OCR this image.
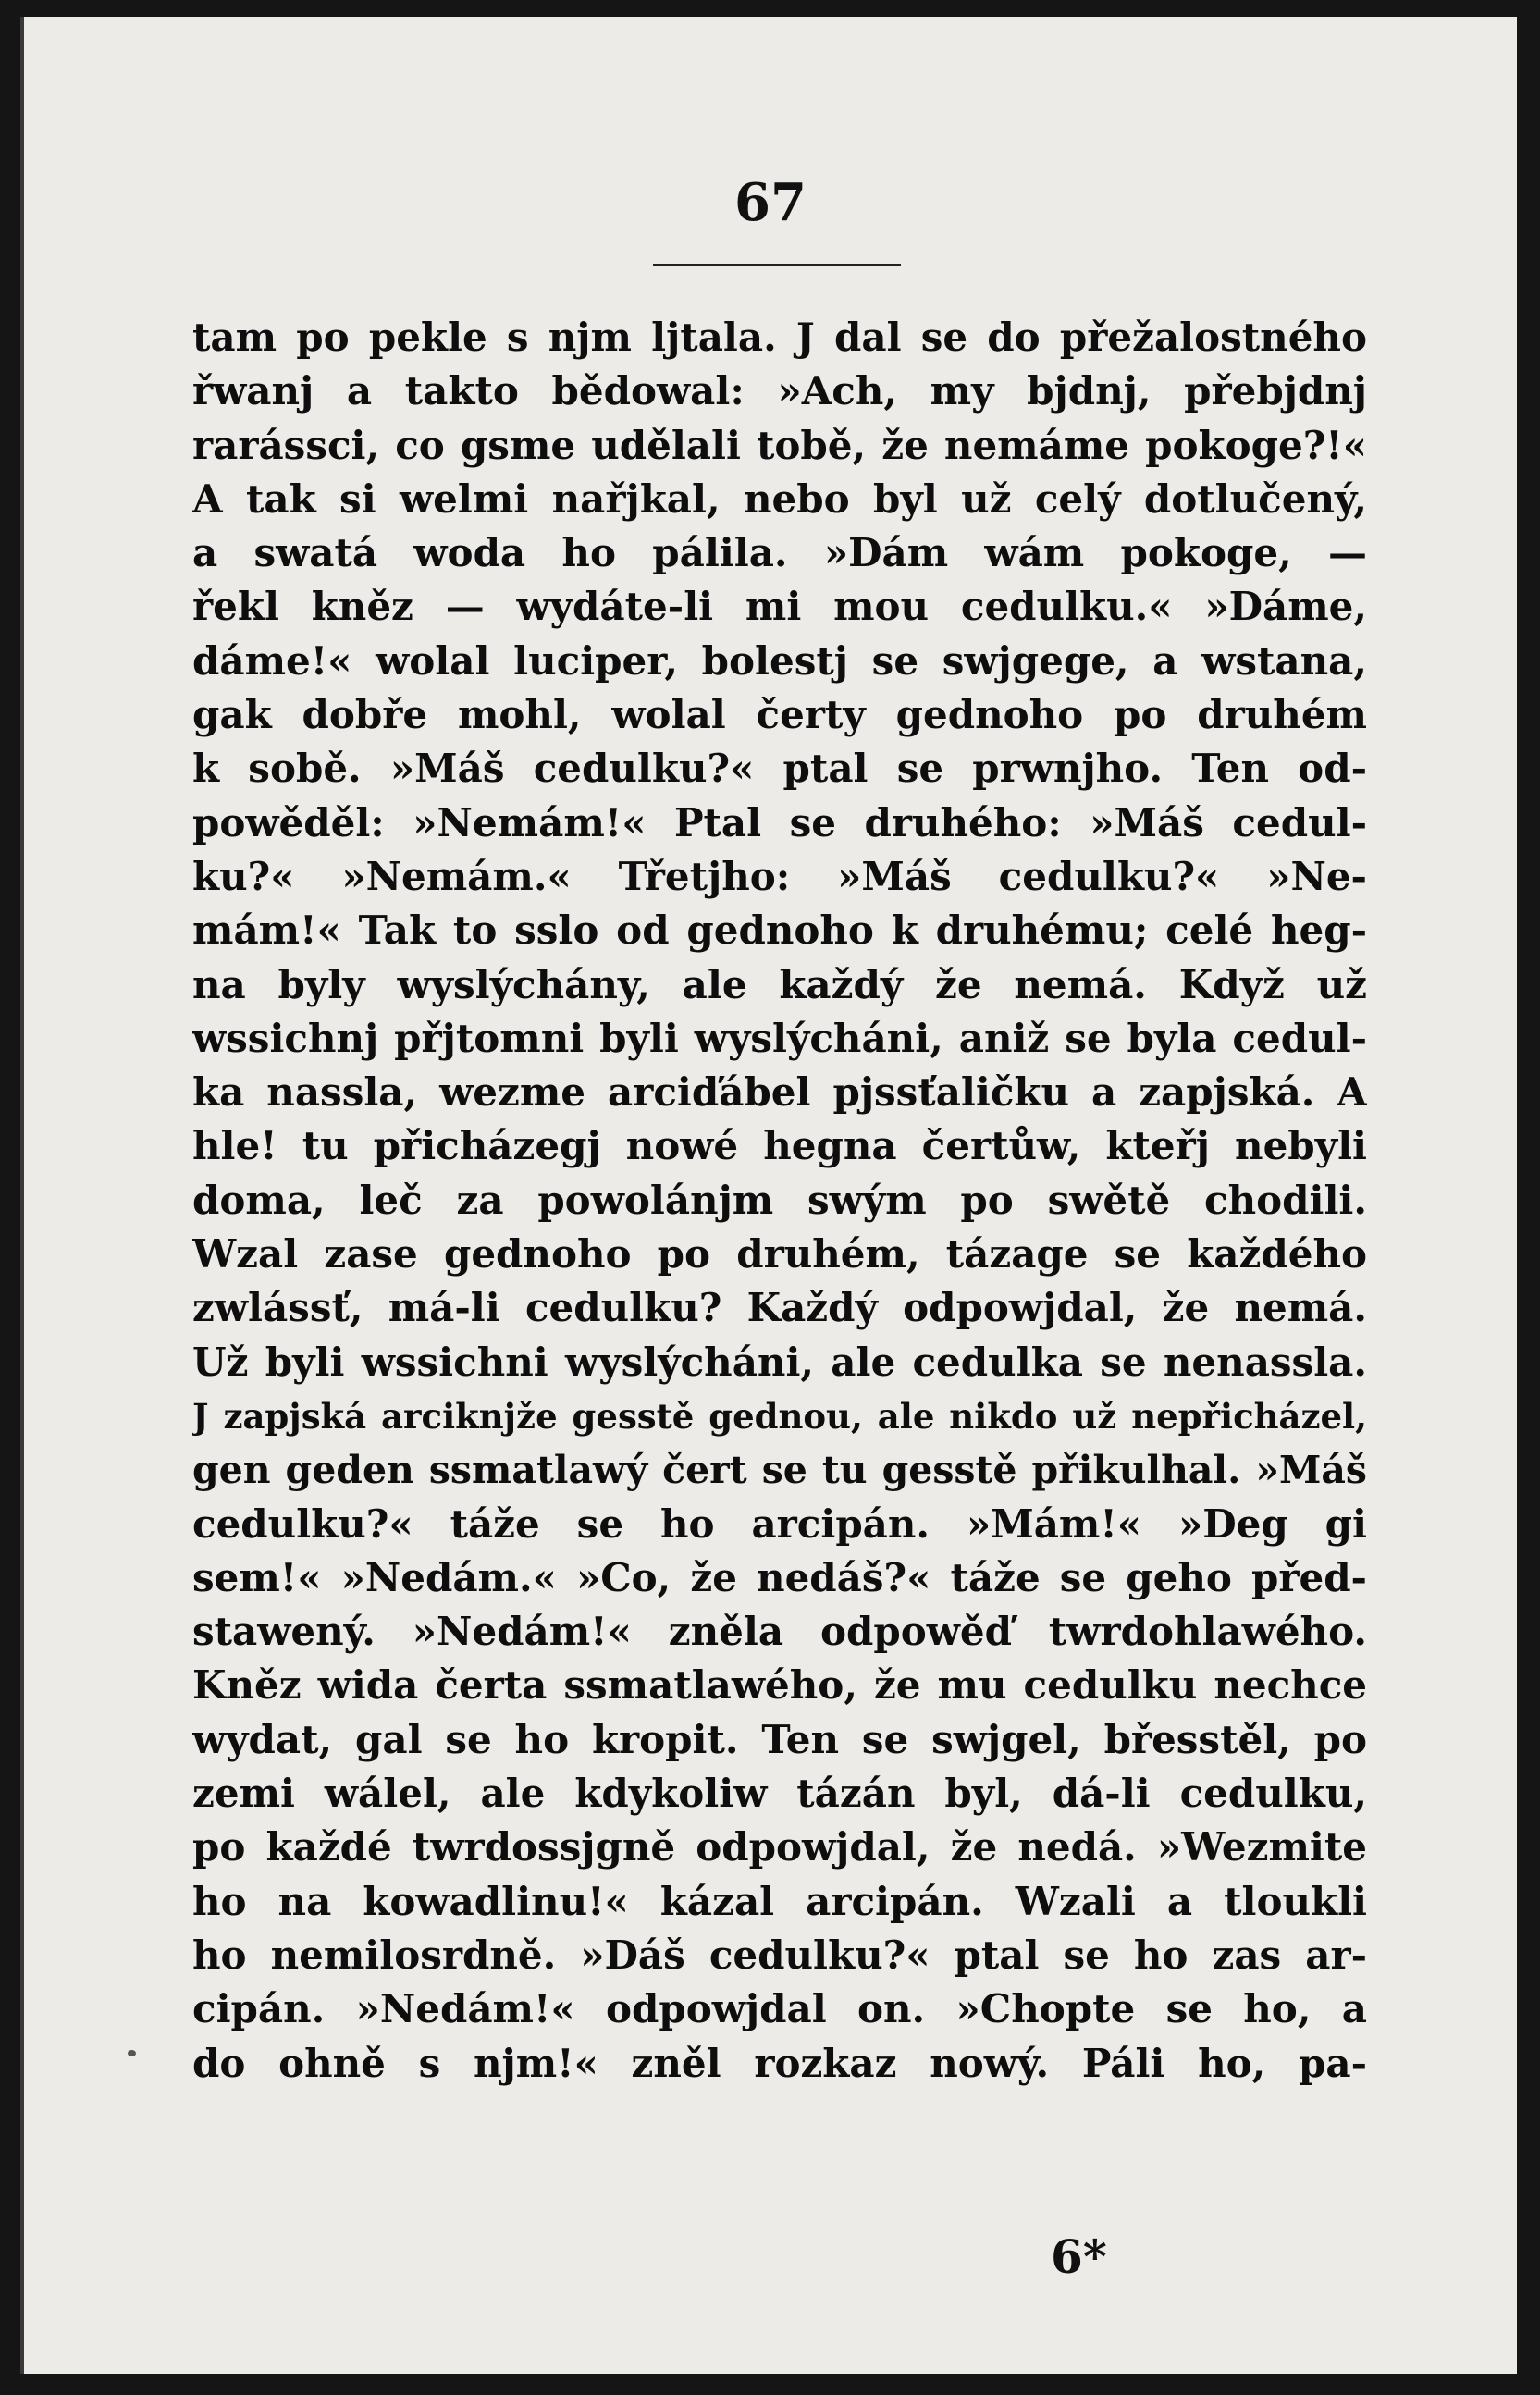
67
tam po pekle s njm ljtala. J dal se do přežalostného
řwanj a takto bědowal: »Ach, my bjdnj, přebjdnj
rarássci, co gsme udělali tobě, že nemáme pokoge?!«
A tak si welmi nařjkal, nebo byl už celý dotlučený,
a swatá woda ho pálila. »Dám wám pokoge, —
řekl kněz — wydáte-li mi mou cedulku.« »Dáme,
dáme!« wolal luciper, bolestj se swjgege, a wstana,
gak dobře mohl, wolal čerty gednoho po druhém
k sobě. »Máš cedulku?« ptal se prwnjho. Ten od-
powěděl: »Nemám!« Ptal se druhého: »Máš cedul-
ku?« »Nemám.« Třetjho: »Máš cedulku?« »Ne-
mám!« Tak to sslo od gednoho k druhému; celé heg-
na byly wyslýchány, ale každý že nemá. Když už
wssichnj přjtomni byli wyslýcháni, aniž se byla cedul-
ka nassla, wezme arciďábel pjssťaličku a zapjská. A
hle! tu přicházegj nowé hegna čertůw, kteřj nebyli
doma, leč za powolánjm swým po swětě chodili.
Wzal zase gednoho po druhém, tázage se každého
zwlássť, má-li cedulku? Každý odpowjdal, že nemá.
Už byli wssichni wyslýcháni, ale cedulka se nenassla.
J zapjská arciknjže gesstě gednou, ale nikdo už nepřicházel,
gen geden ssmatlawý čert se tu gesstě přikulhal. »Máš
cedulku?« táže se ho arcipán. »Mám!« »Deg gi
sem!« »Nedám.« »Co, že nedáš?« táže se geho před-
stawený. »Nedám!« zněla odpowěď twrdohlawého.
Kněz wida čerta ssmatlawého, že mu cedulku nechce
wydat, gal se ho kropit. Ten se swjgel, břesstěl, po
zemi wálel, ale kdykoliw tázán byl, dá-li cedulku,
po každé twrdossjgně odpowjdal, že nedá. »Wezmite
ho na kowadlinu!« kázal arcipán. Wzali a tloukli
ho nemilosrdně. »Dáš cedulku?« ptal se ho zas ar-
cipán. »Nedám!« odpowjdal on. »Chopte se ho, a
do ohně s njm!« zněl rozkaz nowý. Páli ho, pa-
6*
